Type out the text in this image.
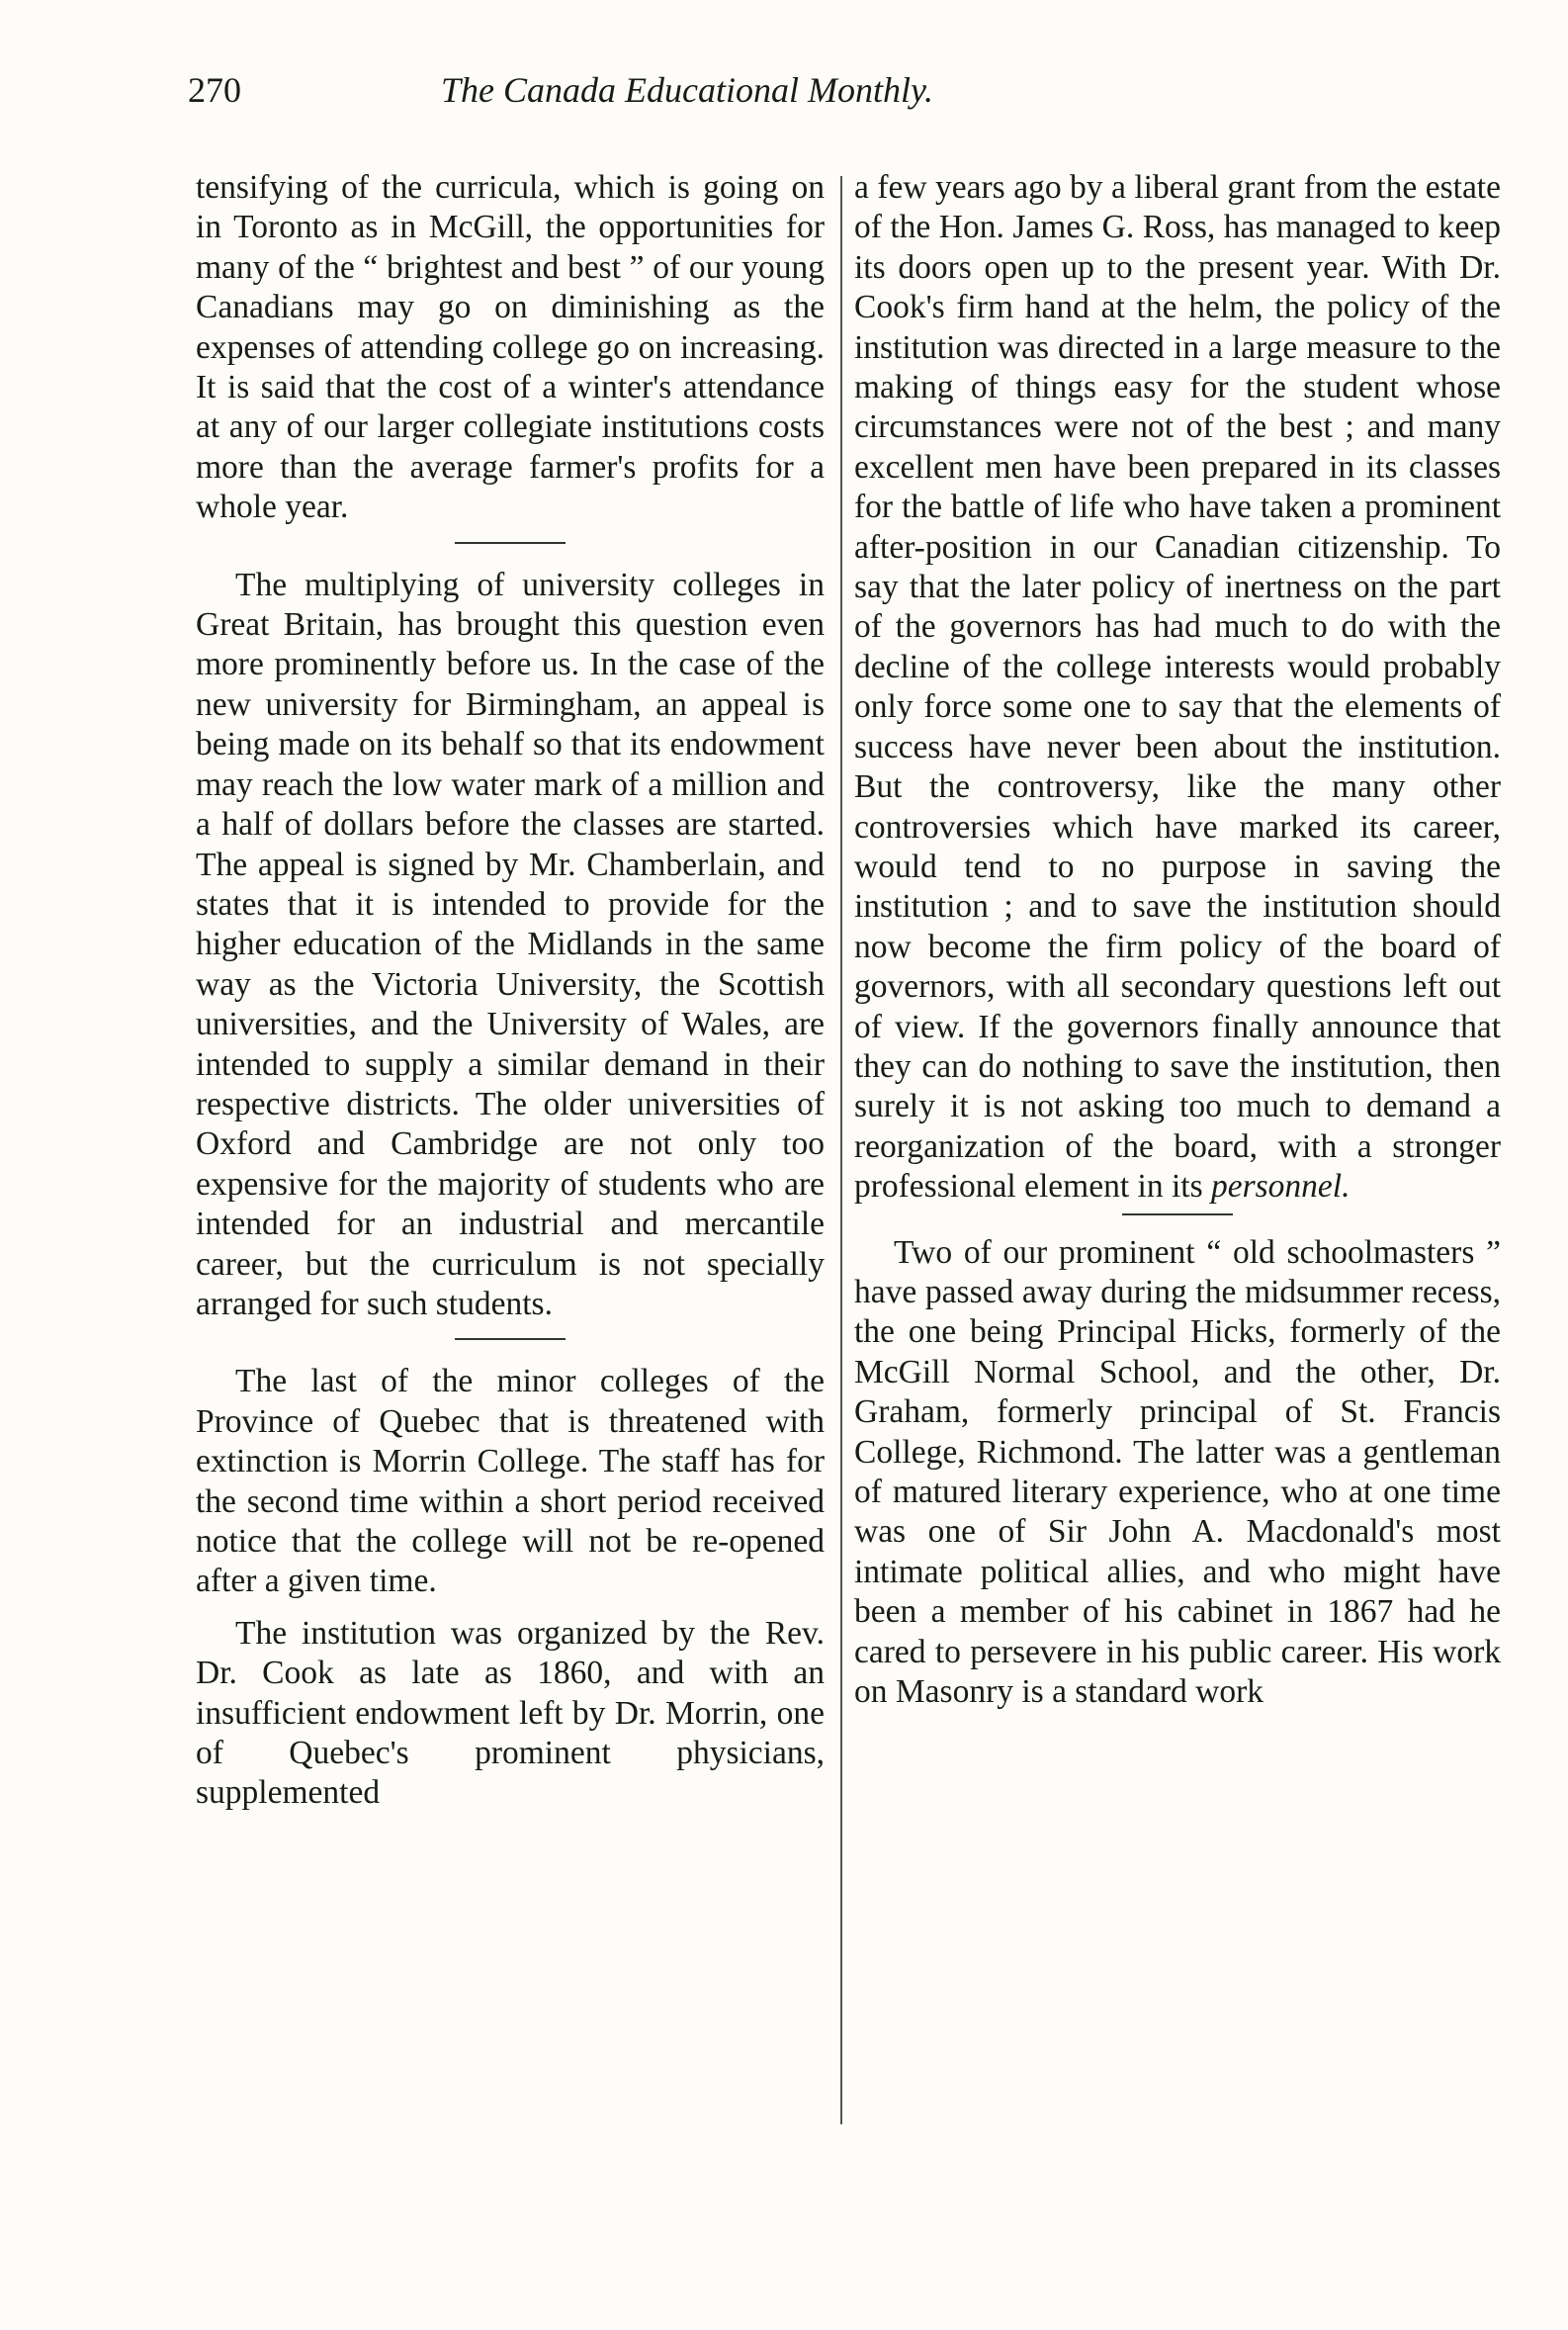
270	The Canada Educational Monthly.

tensifying of the curricula, which is going on in Toronto as in McGill, the opportunities for many of the “ brightest and best ” of our young Canadians may go on diminishing as the expenses of attending college go on increasing. It is said that the cost of a winter's attendance at any of our larger collegiate institutions costs more than the average farmer's profits for a whole year.

The multiplying of university colleges in Great Britain, has brought this question even more prominently before us. In the case of the new university for Birmingham, an appeal is being made on its behalf so that its endowment may reach the low water mark of a million and a half of dollars before the classes are started. The appeal is signed by Mr. Chamberlain, and states that it is intended to provide for the higher education of the Midlands in the same way as the Victoria University, the Scottish universities, and the University of Wales, are intended to supply a similar demand in their respective districts. The older universities of Oxford and Cambridge are not only too expensive for the majority of students who are intended for an industrial and mercantile career, but the curriculum is not specially arranged for such students.

The last of the minor colleges of the Province of Quebec that is threatened with extinction is Morrin College. The staff has for the second time within a short period received notice that the college will not be re-opened after a given time.

The institution was organized by the Rev. Dr. Cook as late as 1860, and with an insufficient endowment left by Dr. Morrin, one of Quebec's prominent physicians, supplemented

a few years ago by a liberal grant from the estate of the Hon. James G. Ross, has managed to keep its doors open up to the present year. With Dr. Cook's firm hand at the helm, the policy of the institution was directed in a large measure to the making of things easy for the student whose circumstances were not of the best ; and many excellent men have been prepared in its classes for the battle of life who have taken a prominent after-position in our Canadian citizenship. To say that the later policy of inertness on the part of the governors has had much to do with the decline of the college interests would probably only force some one to say that the elements of success have never been about the institution. But the controversy, like the many other controversies which have marked its career, would tend to no purpose in saving the institution ; and to save the institution should now become the firm policy of the board of governors, with all secondary questions left out of view. If the governors finally announce that they can do nothing to save the institution, then surely it is not asking too much to demand a reorganization of the board, with a stronger professional element in its personnel.

Two of our prominent “ old schoolmasters ” have passed away during the midsummer recess, the one being Principal Hicks, formerly of the McGill Normal School, and the other, Dr. Graham, formerly principal of St. Francis College, Richmond. The latter was a gentleman of matured literary experience, who at one time was one of Sir John A. Macdonald's most intimate political allies, and who might have been a member of his cabinet in 1867 had he cared to persevere in his public career. His work on Masonry is a standard work
